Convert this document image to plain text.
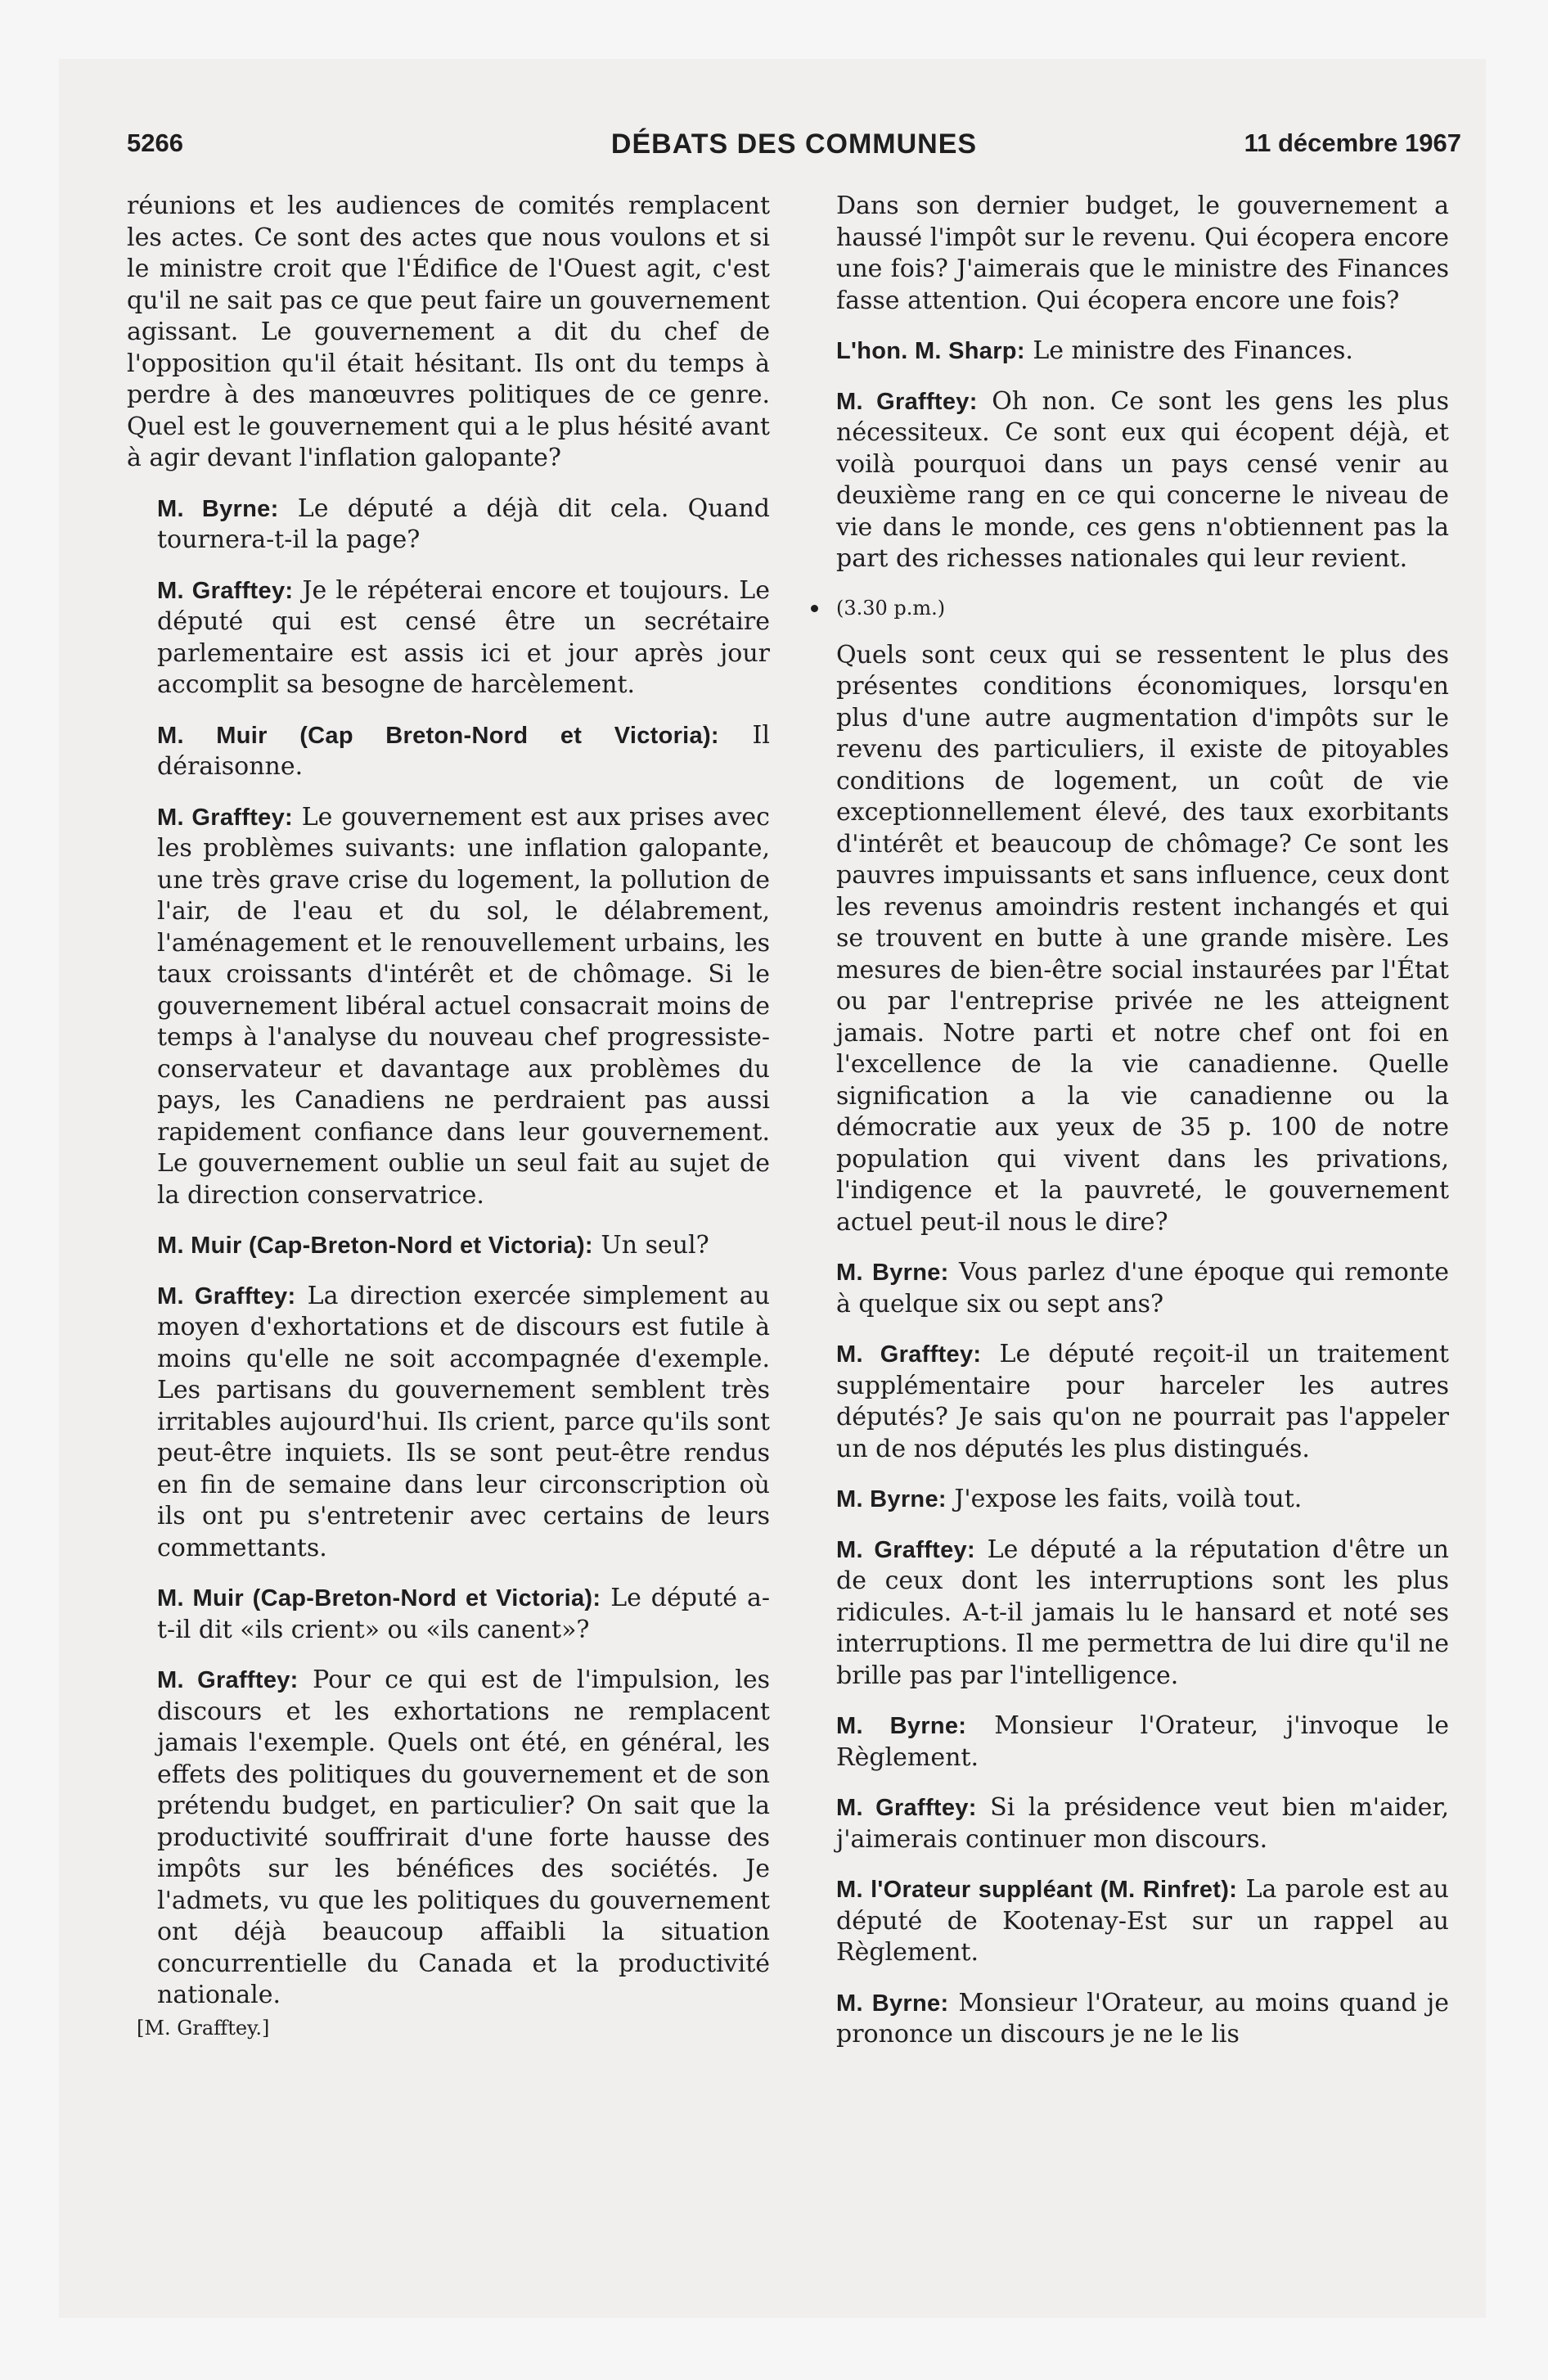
5266	DÉBATS DES COMMUNES	11 décembre 1967

réunions et les audiences de comités remplacent les actes. Ce sont des actes que nous voulons et si le ministre croit que l'Édifice de l'Ouest agit, c'est qu'il ne sait pas ce que peut faire un gouvernement agissant. Le gouvernement a dit du chef de l'opposition qu'il était hésitant. Ils ont du temps à perdre à des manœuvres politiques de ce genre. Quel est le gouvernement qui a le plus hésité avant à agir devant l'inflation galopante?

M. Byrne: Le député a déjà dit cela. Quand tournera-t-il la page?

M. Grafftey: Je le répéterai encore et toujours. Le député qui est censé être un secrétaire parlementaire est assis ici et jour après jour accomplit sa besogne de harcèlement.

M. Muir (Cap Breton-Nord et Victoria): Il déraisonne.

M. Grafftey: Le gouvernement est aux prises avec les problèmes suivants: une inflation galopante, une très grave crise du logement, la pollution de l'air, de l'eau et du sol, le délabrement, l'aménagement et le renouvellement urbains, les taux croissants d'intérêt et de chômage. Si le gouvernement libéral actuel consacrait moins de temps à l'analyse du nouveau chef progressiste-conservateur et davantage aux problèmes du pays, les Canadiens ne perdraient pas aussi rapidement confiance dans leur gouvernement. Le gouvernement oublie un seul fait au sujet de la direction conservatrice.

M. Muir (Cap-Breton-Nord et Victoria): Un seul?

M. Grafftey: La direction exercée simplement au moyen d'exhortations et de discours est futile à moins qu'elle ne soit accompagnée d'exemple. Les partisans du gouvernement semblent très irritables aujourd'hui. Ils crient, parce qu'ils sont peut-être inquiets. Ils se sont peut-être rendus en fin de semaine dans leur circonscription où ils ont pu s'entretenir avec certains de leurs commettants.

M. Muir (Cap-Breton-Nord et Victoria): Le député a-t-il dit «ils crient» ou «ils canent»?

M. Grafftey: Pour ce qui est de l'impulsion, les discours et les exhortations ne remplacent jamais l'exemple. Quels ont été, en général, les effets des politiques du gouvernement et de son prétendu budget, en particulier? On sait que la productivité souffrirait d'une forte hausse des impôts sur les bénéfices des sociétés. Je l'admets, vu que les politiques du gouvernement ont déjà beaucoup affaibli la situation concurrentielle du Canada et la productivité nationale.

[M. Grafftey.]

Dans son dernier budget, le gouvernement a haussé l'impôt sur le revenu. Qui écopera encore une fois? J'aimerais que le ministre des Finances fasse attention. Qui écopera encore une fois?

L'hon. M. Sharp: Le ministre des Finances.

M. Grafftey: Oh non. Ce sont les gens les plus nécessiteux. Ce sont eux qui écopent déjà, et voilà pourquoi dans un pays censé venir au deuxième rang en ce qui concerne le niveau de vie dans le monde, ces gens n'obtiennent pas la part des richesses nationales qui leur revient.

(3.30 p.m.)

Quels sont ceux qui se ressentent le plus des présentes conditions économiques, lorsqu'en plus d'une autre augmentation d'impôts sur le revenu des particuliers, il existe de pitoyables conditions de logement, un coût de vie exceptionnellement élevé, des taux exorbitants d'intérêt et beaucoup de chômage? Ce sont les pauvres impuissants et sans influence, ceux dont les revenus amoindris restent inchangés et qui se trouvent en butte à une grande misère. Les mesures de bien-être social instaurées par l'État ou par l'entreprise privée ne les atteignent jamais. Notre parti et notre chef ont foi en l'excellence de la vie canadienne. Quelle signification a la vie canadienne ou la démocratie aux yeux de 35 p. 100 de notre population qui vivent dans les privations, l'indigence et la pauvreté, le gouvernement actuel peut-il nous le dire?

M. Byrne: Vous parlez d'une époque qui remonte à quelque six ou sept ans?

M. Grafftey: Le député reçoit-il un traitement supplémentaire pour harceler les autres députés? Je sais qu'on ne pourrait pas l'appeler un de nos députés les plus distingués.

M. Byrne: J'expose les faits, voilà tout.

M. Grafftey: Le député a la réputation d'être un de ceux dont les interruptions sont les plus ridicules. A-t-il jamais lu le hansard et noté ses interruptions. Il me permettra de lui dire qu'il ne brille pas par l'intelligence.

M. Byrne: Monsieur l'Orateur, j'invoque le Règlement.

M. Grafftey: Si la présidence veut bien m'aider, j'aimerais continuer mon discours.

M. l'Orateur suppléant (M. Rinfret): La parole est au député de Kootenay-Est sur un rappel au Règlement.

M. Byrne: Monsieur l'Orateur, au moins quand je prononce un discours je ne le lis
